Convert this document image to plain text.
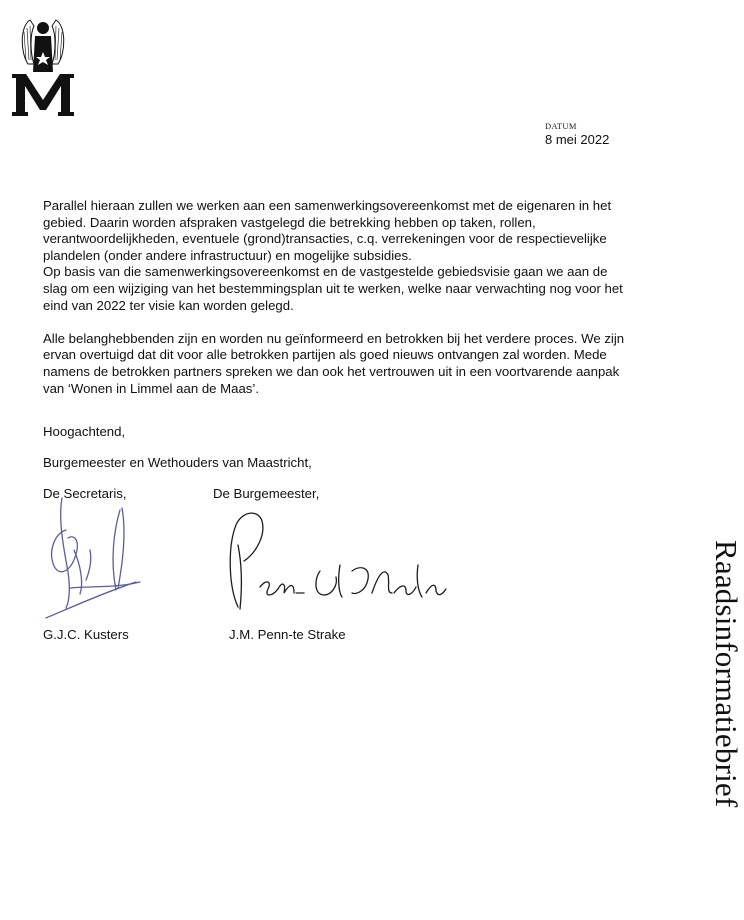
DATUM
8 mei 2022

Parallel hieraan zullen we werken aan een samenwerkingsovereenkomst met de eigenaren in het

gebied. Daarin worden afspraken vastgelegd die betrekking hebben op taken, rollen,

verantwoordelijkheden, eventuele (grond)transacties, c.q. verrekeningen voor de respectievelijke

plandelen (onder andere infrastructuur) en mogelijke subsidies.

Op basis van die samenwerkingsovereenkomst en de vastgestelde gebiedsvisie gaan we aan de

slag om een wijziging van het bestemmingsplan uit te werken, welke naar verwachting nog voor het

eind van 2022 ter visie kan worden gelegd.

Alle belanghebbenden zijn en worden nu geïnformeerd en betrokken bij het verdere proces. We zijn

ervan overtuigd dat dit voor alle betrokken partijen als goed nieuws ontvangen zal worden. Mede

namens de betrokken partners spreken we dan ook het vertrouwen uit in een voortvarende aanpak

van ‘Wonen in Limmel aan de Maas’.

Hoogachtend,
Burgemeester en Wethouders van Maastricht,
De Secretaris,	De Burgemeester,
G.J.C. Kusters	J.M. Penn-te Strake	Raadsinformatiebrief
